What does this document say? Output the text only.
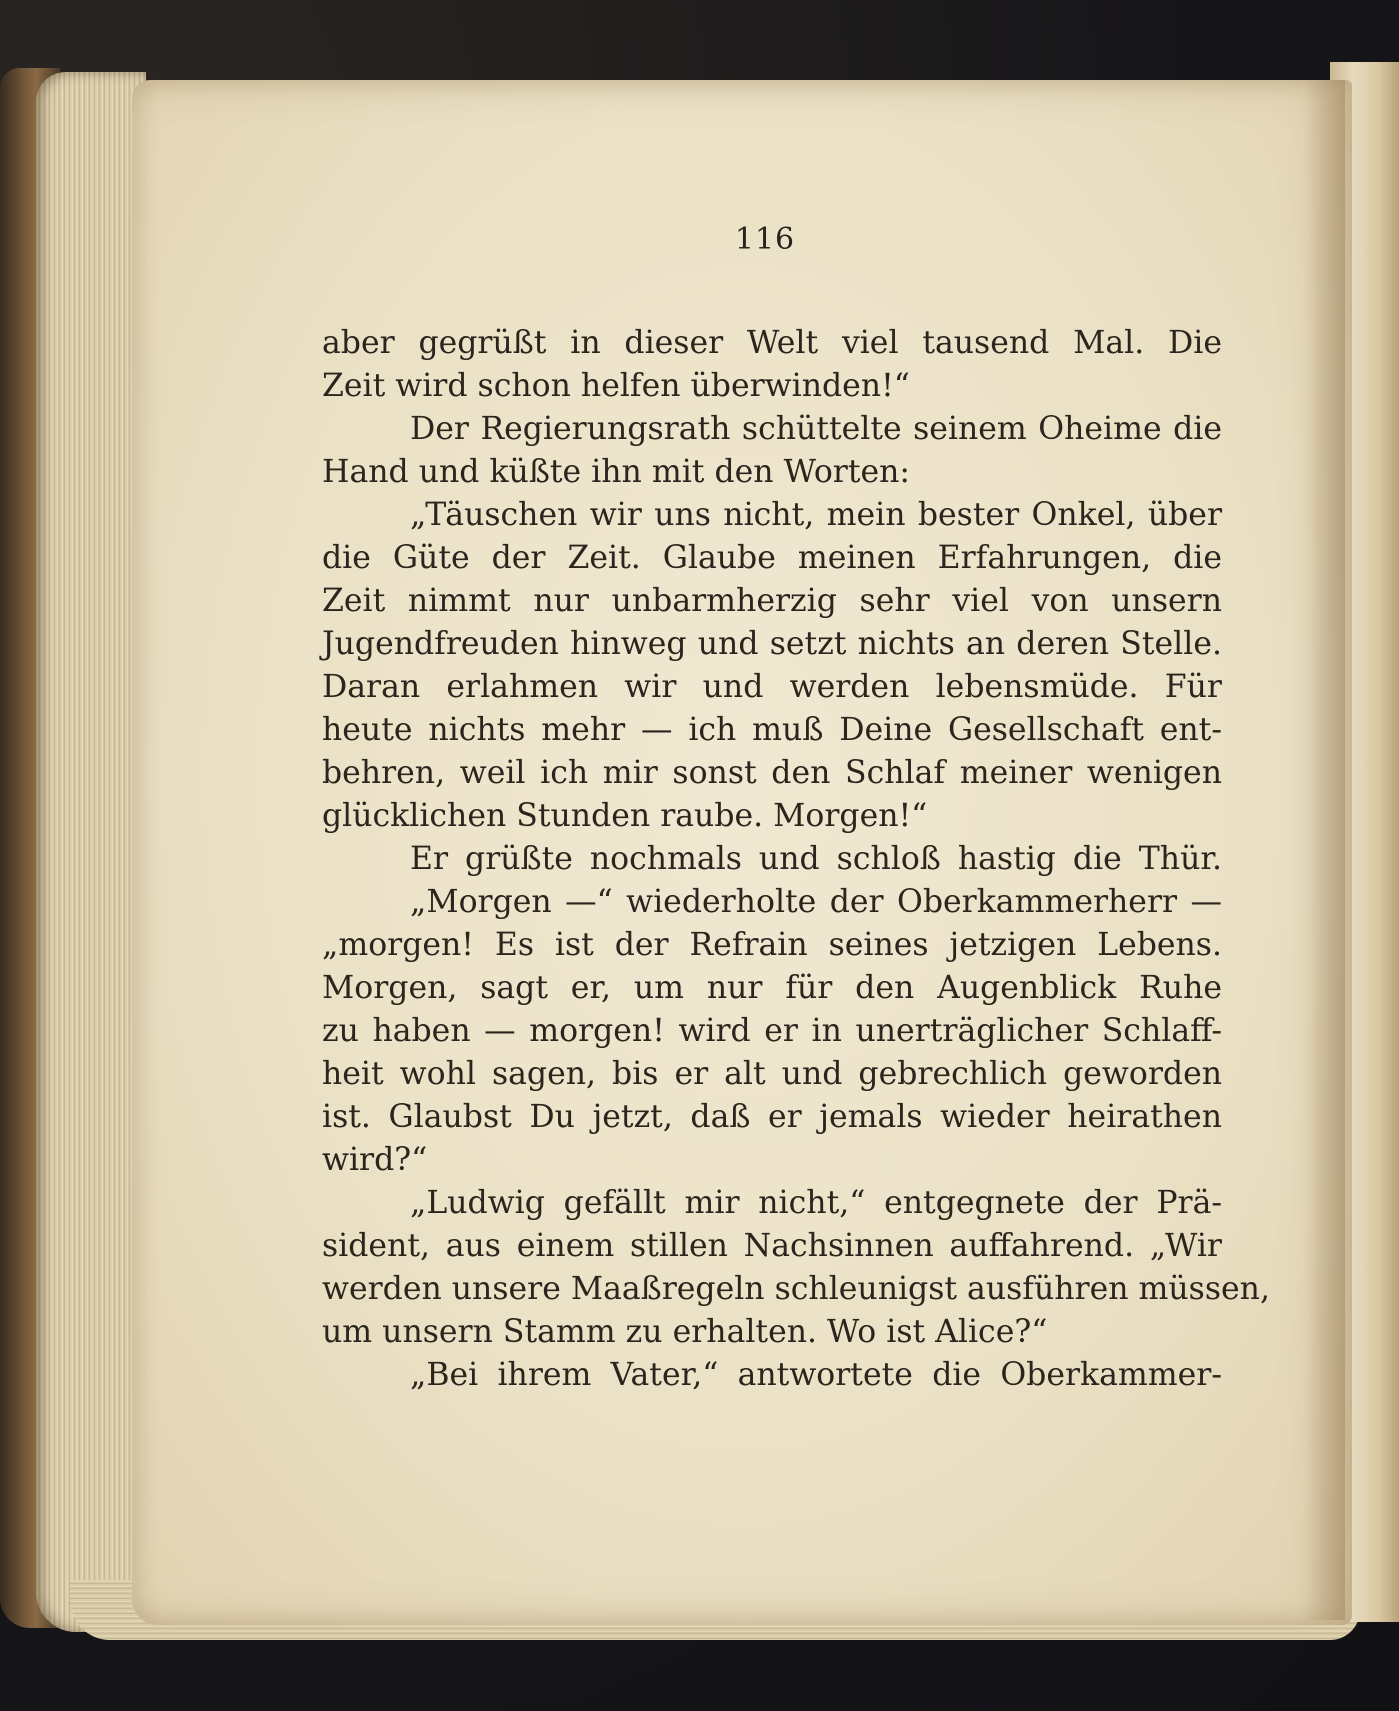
116
aber gegrüßt in dieser Welt viel tausend Mal. Die
Zeit wird schon helfen überwinden!“
Der Regierungsrath schüttelte seinem Oheime die
Hand und küßte ihn mit den Worten:
„Täuschen wir uns nicht, mein bester Onkel, über
die Güte der Zeit. Glaube meinen Erfahrungen, die
Zeit nimmt nur unbarmherzig sehr viel von unsern
Jugendfreuden hinweg und setzt nichts an deren Stelle.
Daran erlahmen wir und werden lebensmüde. Für
heute nichts mehr — ich muß Deine Gesellschaft ent-
behren, weil ich mir sonst den Schlaf meiner wenigen
glücklichen Stunden raube. Morgen!“
Er grüßte nochmals und schloß hastig die Thür.
„Morgen —“ wiederholte der Oberkammerherr —
„morgen! Es ist der Refrain seines jetzigen Lebens.
Morgen, sagt er, um nur für den Augenblick Ruhe
zu haben — morgen! wird er in unerträglicher Schlaff-
heit wohl sagen, bis er alt und gebrechlich geworden
ist. Glaubst Du jetzt, daß er jemals wieder heirathen
wird?“
„Ludwig gefällt mir nicht,“ entgegnete der Prä-
sident, aus einem stillen Nachsinnen auffahrend. „Wir
werden unsere Maaßregeln schleunigst ausführen müssen,
um unsern Stamm zu erhalten. Wo ist Alice?“
„Bei ihrem Vater,“ antwortete die Oberkammer-
